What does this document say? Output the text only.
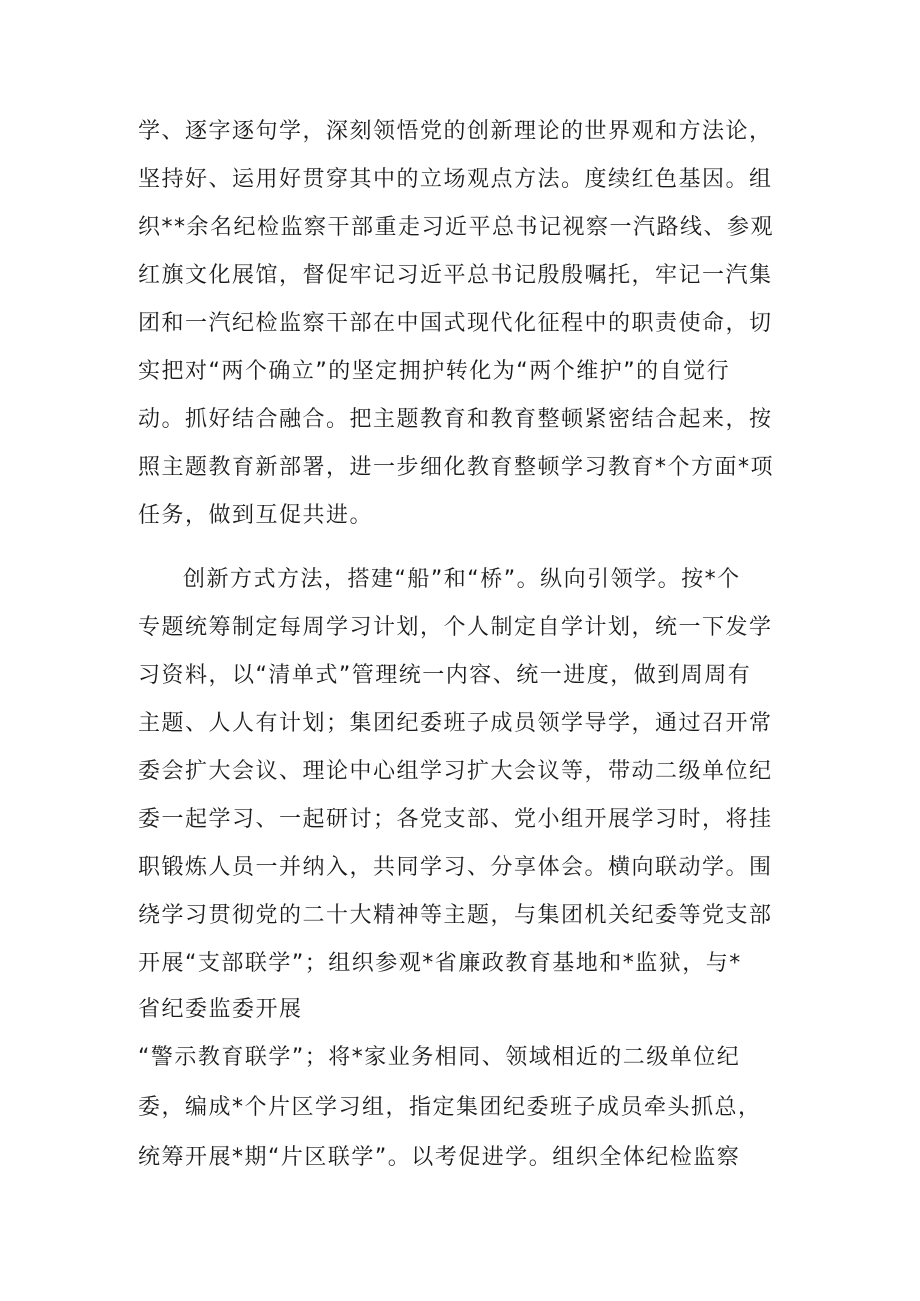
学、逐字逐句学，深刻领悟党的创新理论的世界观和方法论，
坚持好、运用好贯穿其中的立场观点方法。度续红色基因。组
织**余名纪检监察干部重走习近平总书记视察一汽路线、参观
红旗文化展馆，督促牢记习近平总书记殷殷嘱托，牢记一汽集
团和一汽纪检监察干部在中国式现代化征程中的职责使命，切
实把对“两个确立”的坚定拥护转化为“两个维护”的自觉行
动。抓好结合融合。把主题教育和教育整顿紧密结合起来，按
照主题教育新部署，进一步细化教育整顿学习教育*个方面*项
任务，做到互促共进。
创新方式方法，搭建“船”和“桥”。纵向引领学。按*个
专题统筹制定每周学习计划，个人制定自学计划，统一下发学
习资料，以“清单式”管理统一内容、统一进度，做到周周有
主题、人人有计划；集团纪委班子成员领学导学，通过召开常
委会扩大会议、理论中心组学习扩大会议等，带动二级单位纪
委一起学习、一起研讨；各党支部、党小组开展学习时，将挂
职锻炼人员一并纳入，共同学习、分享体会。横向联动学。围
绕学习贯彻党的二十大精神等主题，与集团机关纪委等党支部
开展“支部联学”；组织参观*省廉政教育基地和*监狱，与*
省纪委监委开展
“警示教育联学”；将*家业务相同、领域相近的二级单位纪
委，编成*个片区学习组，指定集团纪委班子成员牵头抓总，
统筹开展*期“片区联学”。以考促进学。组织全体纪检监察
